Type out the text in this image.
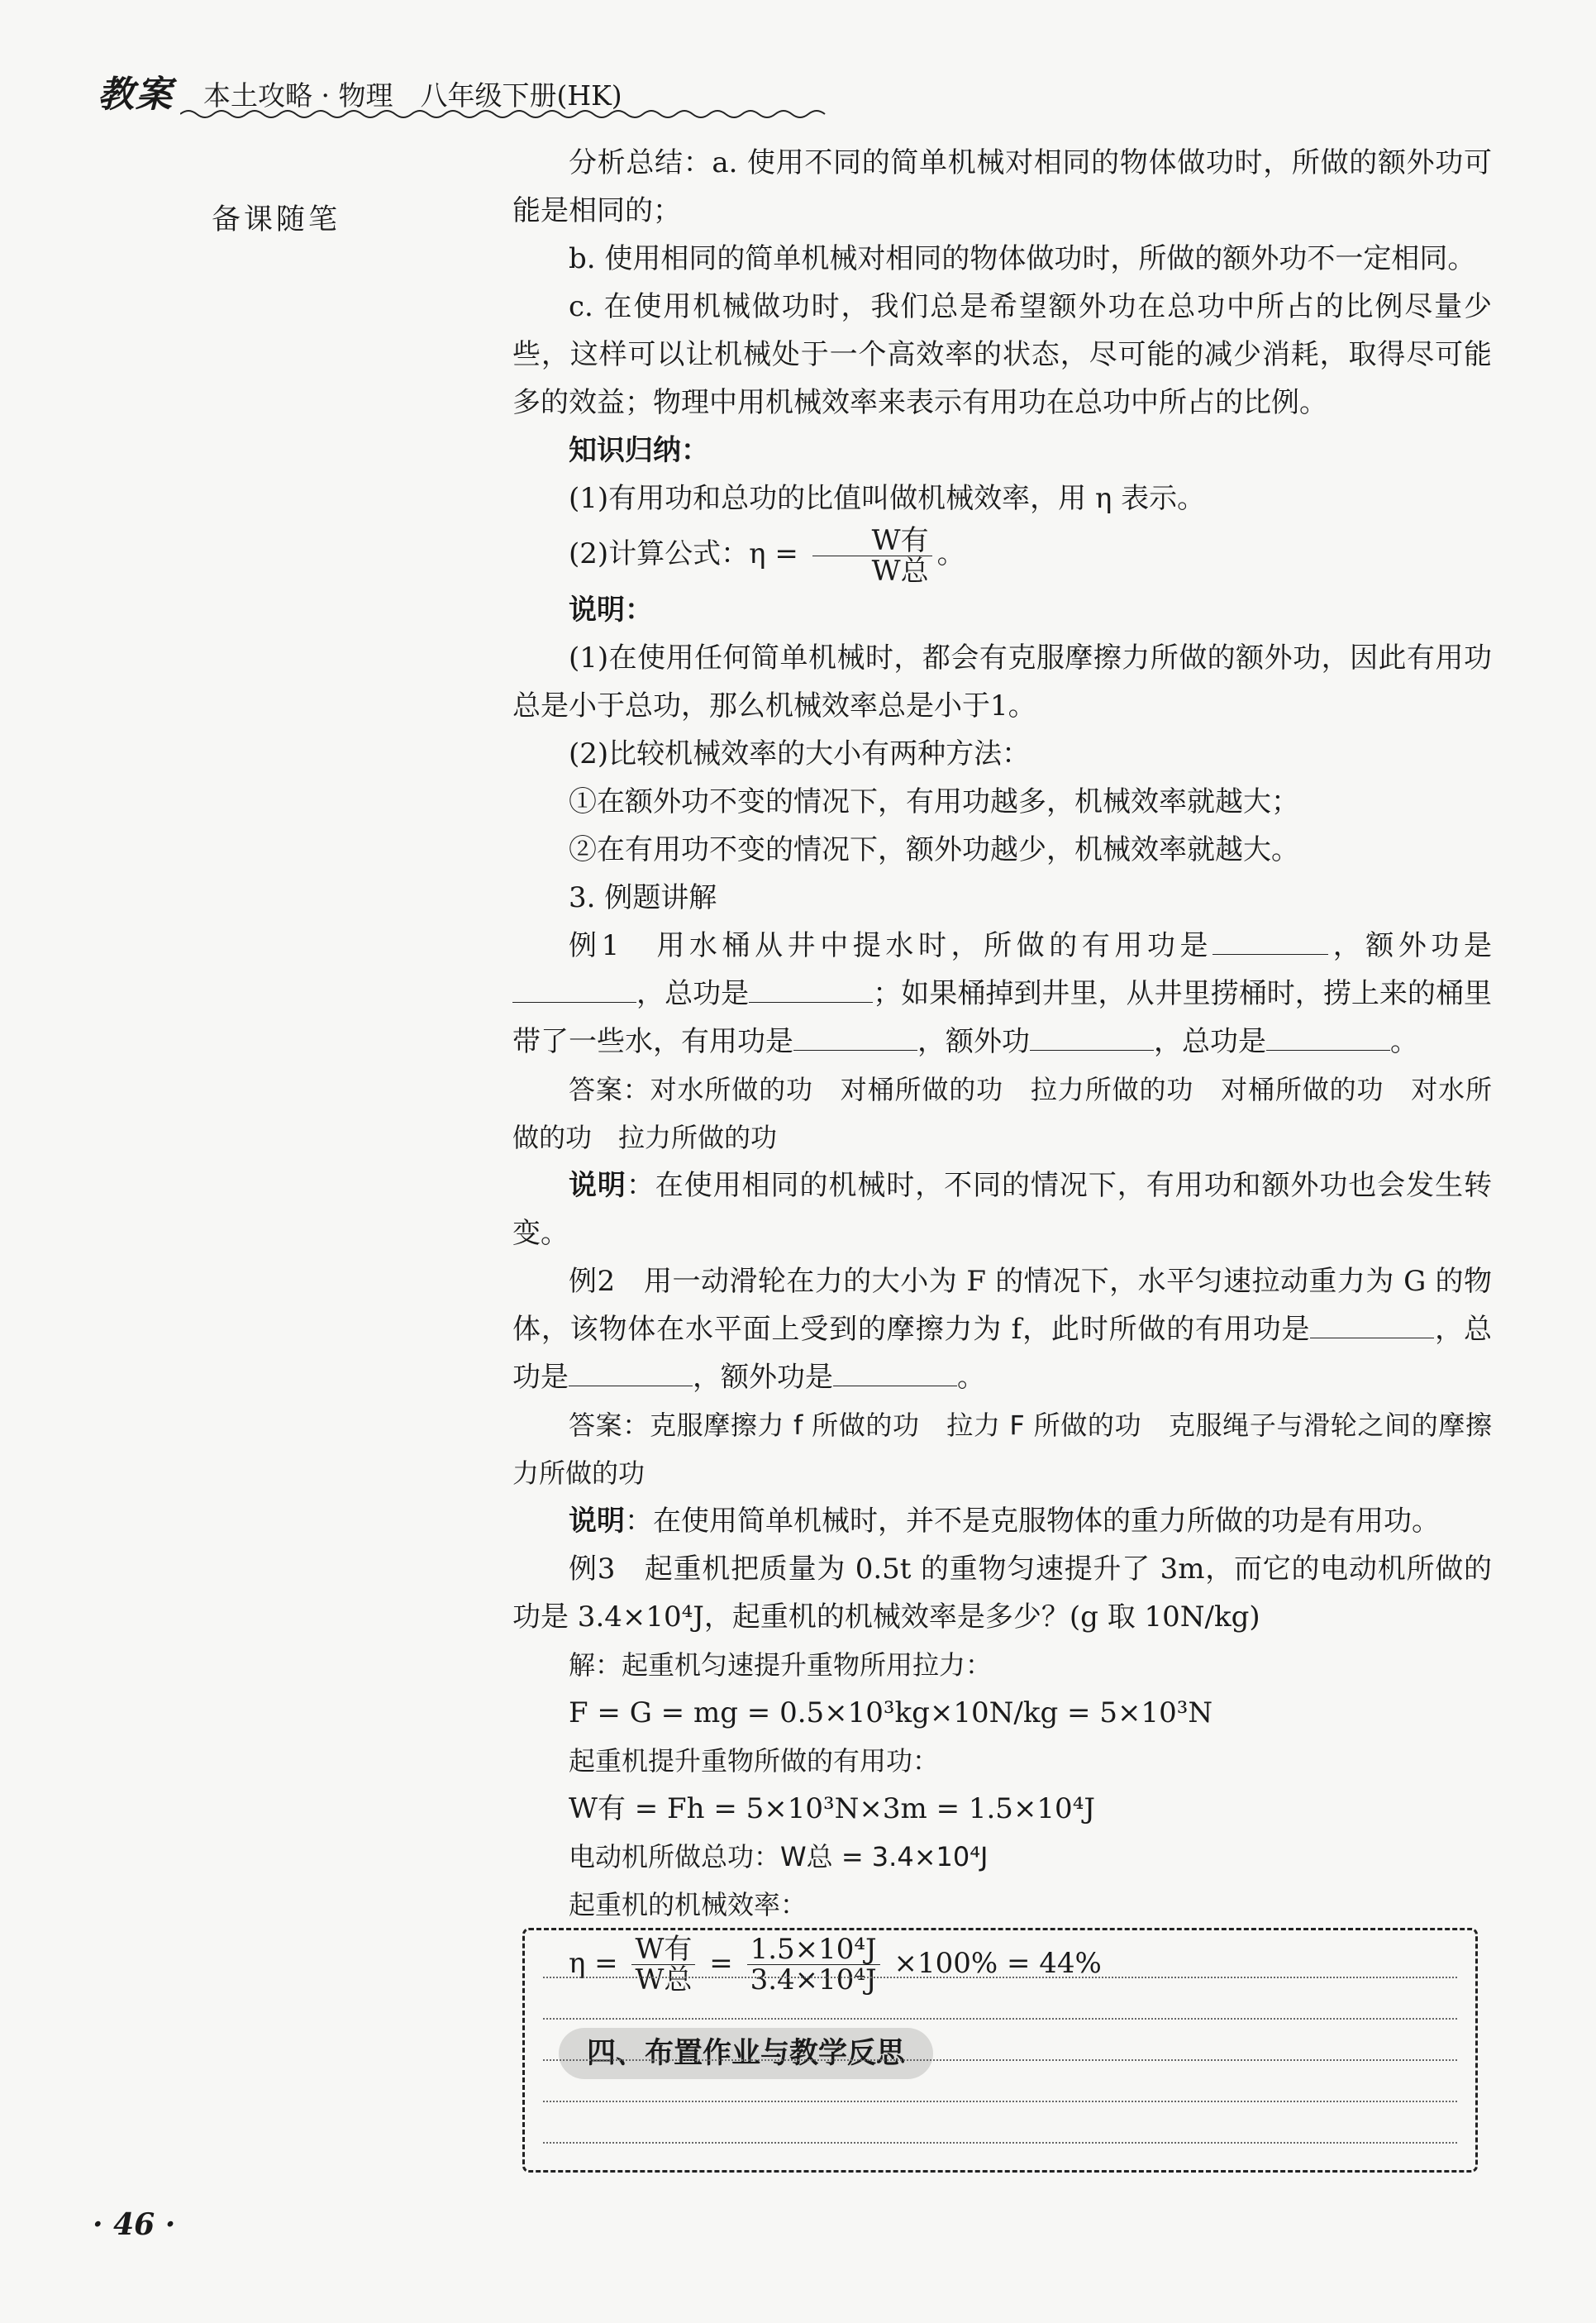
教案 本土攻略 · 物理　八年级下册(HK)
备课随笔

分析总结：a. 使用不同的简单机械对相同的物体做功时，所做的额外功可能是相同的；

b. 使用相同的简单机械对相同的物体做功时，所做的额外功不一定相同。

c. 在使用机械做功时，我们总是希望额外功在总功中所占的比例尽量少些，这样可以让机械处于一个高效率的状态，尽可能的减少消耗，取得尽可能多的效益；物理中用机械效率来表示有用功在总功中所占的比例。

知识归纳：

(1)有用功和总功的比值叫做机械效率，用 η 表示。

(2)计算公式：$\eta = \frac{\text{W有}}{\text{W总}}$ 。

说明：

(1)在使用任何简单机械时，都会有克服摩擦力所做的额外功，因此有用功总是小于总功，那么机械效率总是小于1。

(2)比较机械效率的大小有两种方法：

①在额外功不变的情况下，有用功越多，机械效率就越大；

②在有用功不变的情况下，额外功越少，机械效率就越大。

3. 例题讲解

例1　用水桶从井中提水时，所做的有用功是	，额外功是，总功是	；如果桶掉到井里，从井里捞桶时，捞上来的桶里带了一些水，有用功是	，额外功	，总功是	。

答案：对水所做的功　对桶所做的功　拉力所做的功　对桶所做的功　对水所做的功　拉力所做的功

说明：在使用相同的机械时，不同的情况下，有用功和额外功也会发生转变。

例2　用一动滑轮在力的大小为 F 的情况下，水平匀速拉动重力为 G 的物体，该物体在水平面上受到的摩擦力为 f，此时所做的有用功是	，总功是	，额外功是	。

答案：克服摩擦力 f 所做的功　拉力 F 所做的功　克服绳子与滑轮之间的摩擦力所做的功

说明：在使用简单机械时，并不是克服物体的重力所做的功是有用功。

例3　起重机把质量为 0.5t 的重物匀速提升了 3m，而它的电动机所做的功是 3.4×10⁴J，起重机的机械效率是多少？(g 取 10N/kg)

解：起重机匀速提升重物所用拉力：

F = G = mg = 0.5×10³kg×10N/kg = 5×10³N

起重机提升重物所做的有用功：

W有 = Fh = 5×10³N×3m = 1.5×10⁴J

电动机所做总功：W总 = 3.4×10⁴J

起重机的机械效率：

$\eta = \frac{\text{W有}}{\text{W总}} = \frac{\text{1.5×10⁴J}}{\text{3.4×10⁴J}} \times 100\% = 44\%$

四、布置作业与教学反思
· 46 ·
